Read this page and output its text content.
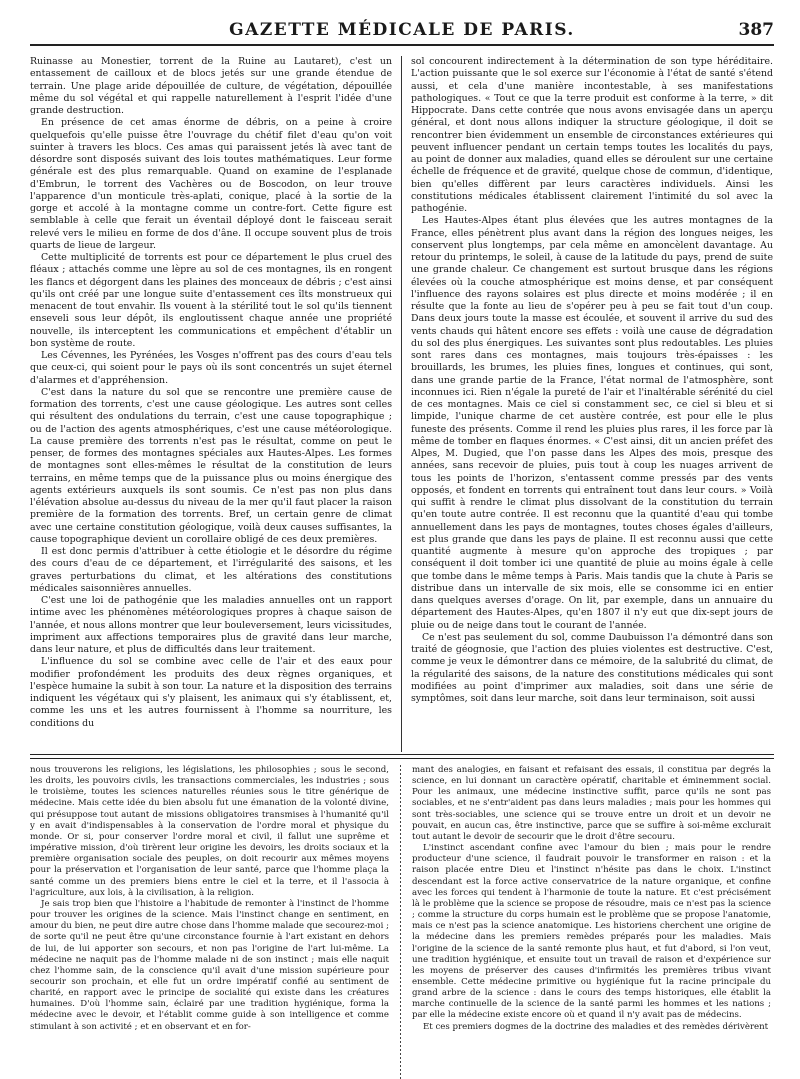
GAZETTE MÉDICALE DE PARIS.	387

Ruinasse au Monestier, torrent de la Ruine au Lautaret), c'est un entassement de cailloux et de blocs jetés sur une grande étendue de terrain. Une plage aride dépouillée de culture, de végétation, dépouillée même du sol végétal et qui rappelle naturellement à l'esprit l'idée d'une grande destruction.

En présence de cet amas énorme de débris, on a peine à croire quelquefois qu'elle puisse être l'ouvrage du chétif filet d'eau qu'on voit suinter à travers les blocs. Ces amas qui paraissent jetés là avec tant de désordre sont disposés suivant des lois toutes mathématiques. Leur forme générale est des plus remarquable. Quand on examine de l'esplanade d'Embrun, le torrent des Vachères ou de Boscodon, on leur trouve l'apparence d'un monticule très-aplati, conique, placé à la sortie de la gorge et accolé à la montagne comme un contre-fort. Cette figure est semblable à celle que ferait un éventail déployé dont le faisceau serait relevé vers le milieu en forme de dos d'âne. Il occupe souvent plus de trois quarts de lieue de largeur.

Cette multiplicité de torrents est pour ce département le plus cruel des fléaux ; attachés comme une lèpre au sol de ces montagnes, ils en rongent les flancs et dégorgent dans les plaines des monceaux de débris ; c'est ainsi qu'ils ont créé par une longue suite d'entassement ces îlts monstrueux qui menacent de tout envahir. Ils vouent à la stérilité tout le sol qu'ils tiennent enseveli sous leur dépôt, ils engloutissent chaque année une propriété nouvelle, ils interceptent les communications et empêchent d'établir un bon système de route.

Les Cévennes, les Pyrénées, les Vosges n'offrent pas des cours d'eau tels que ceux-ci, qui soient pour le pays où ils sont concentrés un sujet éternel d'alarmes et d'appréhension.

C'est dans la nature du sol que se rencontre une première cause de formation des torrents, c'est une cause géologique. Les autres sont celles qui résultent des ondulations du terrain, c'est une cause topographique ; ou de l'action des agents atmosphériques, c'est une cause météorologique. La cause première des torrents n'est pas le résultat, comme on peut le penser, de formes des montagnes spéciales aux Hautes-Alpes. Les formes de montagnes sont elles-mêmes le résultat de la constitution de leurs terrains, en même temps que de la puissance plus ou moins énergique des agents extérieurs auxquels ils sont soumis. Ce n'est pas non plus dans l'élévation absolue au-dessus du niveau de la mer qu'il faut placer la raison première de la formation des torrents. Bref, un certain genre de climat avec une certaine constitution géologique, voilà deux causes suffisantes, la cause topographique devient un corollaire obligé de ces deux premières.

Il est donc permis d'attribuer à cette étiologie et le désordre du régime des cours d'eau de ce département, et l'irrégularité des saisons, et les graves perturbations du climat, et les altérations des constitutions médicales saisonnières annuelles.

C'est une loi de pathogénie que les maladies annuelles ont un rapport intime avec les phénomènes météorologiques propres à chaque saison de l'année, et nous allons montrer que leur bouleversement, leurs vicissitudes, impriment aux affections temporaires plus de gravité dans leur marche, dans leur nature, et plus de difficultés dans leur traitement.

L'influence du sol se combine avec celle de l'air et des eaux pour modifier profondément les produits des deux règnes organiques, et l'espèce humaine la subit à son tour. La nature et la disposition des terrains indiquent les végétaux qui s'y plaisent, les animaux qui s'y établissent, et, comme les uns et les autres fournissent à l'homme sa nourriture, les conditions du

sol concourent indirectement à la détermination de son type héréditaire. L'action puissante que le sol exerce sur l'économie à l'état de santé s'étend aussi, et cela d'une manière incontestable, à ses manifestations pathologiques. « Tout ce que la terre produit est conforme à la terre, » dit Hippocrate. Dans cette contrée que nous avons envisagée dans un aperçu général, et dont nous allons indiquer la structure géologique, il doit se rencontrer bien évidemment un ensemble de circonstances extérieures qui peuvent influencer pendant un certain temps toutes les localités du pays, au point de donner aux maladies, quand elles se déroulent sur une certaine échelle de fréquence et de gravité, quelque chose de commun, d'identique, bien qu'elles diffèrent par leurs caractères individuels. Ainsi les constitutions médicales établissent clairement l'intimité du sol avec la pathogénie.

Les Hautes-Alpes étant plus élevées que les autres montagnes de la France, elles pénètrent plus avant dans la région des longues neiges, les conservent plus longtemps, par cela même en amoncèlent davantage. Au retour du printemps, le soleil, à cause de la latitude du pays, prend de suite une grande chaleur. Ce changement est surtout brusque dans les régions élevées où la couche atmosphérique est moins dense, et par conséquent l'influence des rayons solaires est plus directe et moins modérée ; il en résulte que la fonte au lieu de s'opérer peu à peu se fait tout d'un coup. Dans deux jours toute la masse est écoulée, et souvent il arrive du sud des vents chauds qui hâtent encore ses effets : voilà une cause de dégradation du sol des plus énergiques. Les suivantes sont plus redoutables. Les pluies sont rares dans ces montagnes, mais toujours très-épaisses : les brouillards, les brumes, les pluies fines, longues et continues, qui sont, dans une grande partie de la France, l'état normal de l'atmosphère, sont inconnues ici. Rien n'égale la pureté de l'air et l'inaltérable sérénité du ciel de ces montagnes. Mais ce ciel si constamment sec, ce ciel si bleu et si limpide, l'unique charme de cet austère contrée, est pour elle le plus funeste des présents. Comme il rend les pluies plus rares, il les force par là même de tomber en flaques énormes. « C'est ainsi, dit un ancien préfet des Alpes, M. Dugied, que l'on passe dans les Alpes des mois, presque des années, sans recevoir de pluies, puis tout à coup les nuages arrivent de tous les points de l'horizon, s'entassent comme pressés par des vents opposés, et fondent en torrents qui entraînent tout dans leur cours. » Voilà qui suffit à rendre le climat plus dissolvant de la constitution du terrain qu'en toute autre contrée. Il est reconnu que la quantité d'eau qui tombe annuellement dans les pays de montagnes, toutes choses égales d'ailleurs, est plus grande que dans les pays de plaine. Il est reconnu aussi que cette quantité augmente à mesure qu'on approche des tropiques ; par conséquent il doit tomber ici une quantité de pluie au moins égale à celle que tombe dans le même temps à Paris. Mais tandis que la chute à Paris se distribue dans un intervalle de six mois, elle se consomme ici en entier dans quelques averses d'orage. On lit, par exemple, dans un annuaire du département des Hautes-Alpes, qu'en 1807 il n'y eut que dix-sept jours de pluie ou de neige dans tout le courant de l'année.

Ce n'est pas seulement du sol, comme Daubuisson l'a démontré dans son traité de géognosie, que l'action des pluies violentes est destructive. C'est, comme je veux le démontrer dans ce mémoire, de la salubrité du climat, de la régularité des saisons, de la nature des constitutions médicales qui sont modifiées au point d'imprimer aux maladies, soit dans une série de symptômes, soit dans leur marche, soit dans leur terminaison, soit aussi

nous trouverons les religions, les législations, les philosophies ; sous le second, les droits, les pouvoirs civils, les transactions commerciales, les industries ; sous le troisième, toutes les sciences naturelles réunies sous le titre générique de médecine. Mais cette idée du bien absolu fut une émanation de la volonté divine, qui présuppose tout autant de missions obligatoires transmises à l'humanité qu'il y en avait d'indispensables à la conservation de l'ordre moral et physique du monde. Or si, pour conserver l'ordre moral et civil, il fallut une suprême et impérative mission, d'où tirèrent leur origine les devoirs, les droits sociaux et la première organisation sociale des peuples, on doit recourir aux mêmes moyens pour la préservation et l'organisation de leur santé, parce que l'homme plaça la santé comme un des premiers biens entre le ciel et la terre, et il l'associa à l'agriculture, aux lois, à la civilisation, à la religion.

Je sais trop bien que l'histoire a l'habitude de remonter à l'instinct de l'homme pour trouver les origines de la science. Mais l'instinct change en sentiment, en amour du bien, ne peut dire autre chose dans l'homme malade que secourez-moi ; de sorte qu'il ne peut être qu'une circonstance fournie à l'art existant en dehors de lui, de lui apporter son secours, et non pas l'origine de l'art lui-même. La médecine ne naquit pas de l'homme malade ni de son instinct ; mais elle naquit chez l'homme sain, de la conscience qu'il avait d'une mission supérieure pour secourir son prochain, et elle fut un ordre impératif confié au sentiment de charité, en rapport avec le principe de socialité qui existe dans les créatures humaines. D'où l'homme sain, éclairé par une tradition hygiénique, forma la médecine avec le devoir, et l'établit comme guide à son intelligence et comme stimulant à son activité ; et en observant et en for-

mant des analogies, en faisant et refaisant des essais, il constitua par degrés la science, en lui donnant un caractère opératif, charitable et éminemment social. Pour les animaux, une médecine instinctive suffit, parce qu'ils ne sont pas sociables, et ne s'entr'aident pas dans leurs maladies ; mais pour les hommes qui sont très-sociables, une science qui se trouve entre un droit et un devoir ne pouvait, en aucun cas, être instinctive, parce que se suffire à soi-même exclurait tout autant le devoir de secourir que le droit d'être secouru.

L'instinct ascendant confine avec l'amour du bien ; mais pour le rendre producteur d'une science, il faudrait pouvoir le transformer en raison : et la raison placée entre Dieu et l'instinct n'hésite pas dans le choix. L'instinct descendant est la force active conservatrice de la nature organique, et confine avec les forces qui tendent à l'harmonie de toute la nature. Et c'est précisément là le problème que la science se propose de résoudre, mais ce n'est pas la science ; comme la structure du corps humain est le problème que se propose l'anatomie, mais ce n'est pas la science anatomique. Les historiens cherchent une origine de la médecine dans les premiers remèdes préparés pour les maladies. Mais l'origine de la science de la santé remonte plus haut, et fut d'abord, si l'on veut, une tradition hygiénique, et ensuite tout un travail de raison et d'expérience sur les moyens de préserver des causes d'infirmités les premières tribus vivant ensemble. Cette médecine primitive ou hygiénique fut la racine principale du grand arbre de la science : dans le cours des temps historiques, elle établit la marche continuelle de la science de la santé parmi les hommes et les nations ; par elle la médecine existe encore où et quand il n'y avait pas de médecins.

Et ces premiers dogmes de la doctrine des maladies et des remèdes dérivèrent
